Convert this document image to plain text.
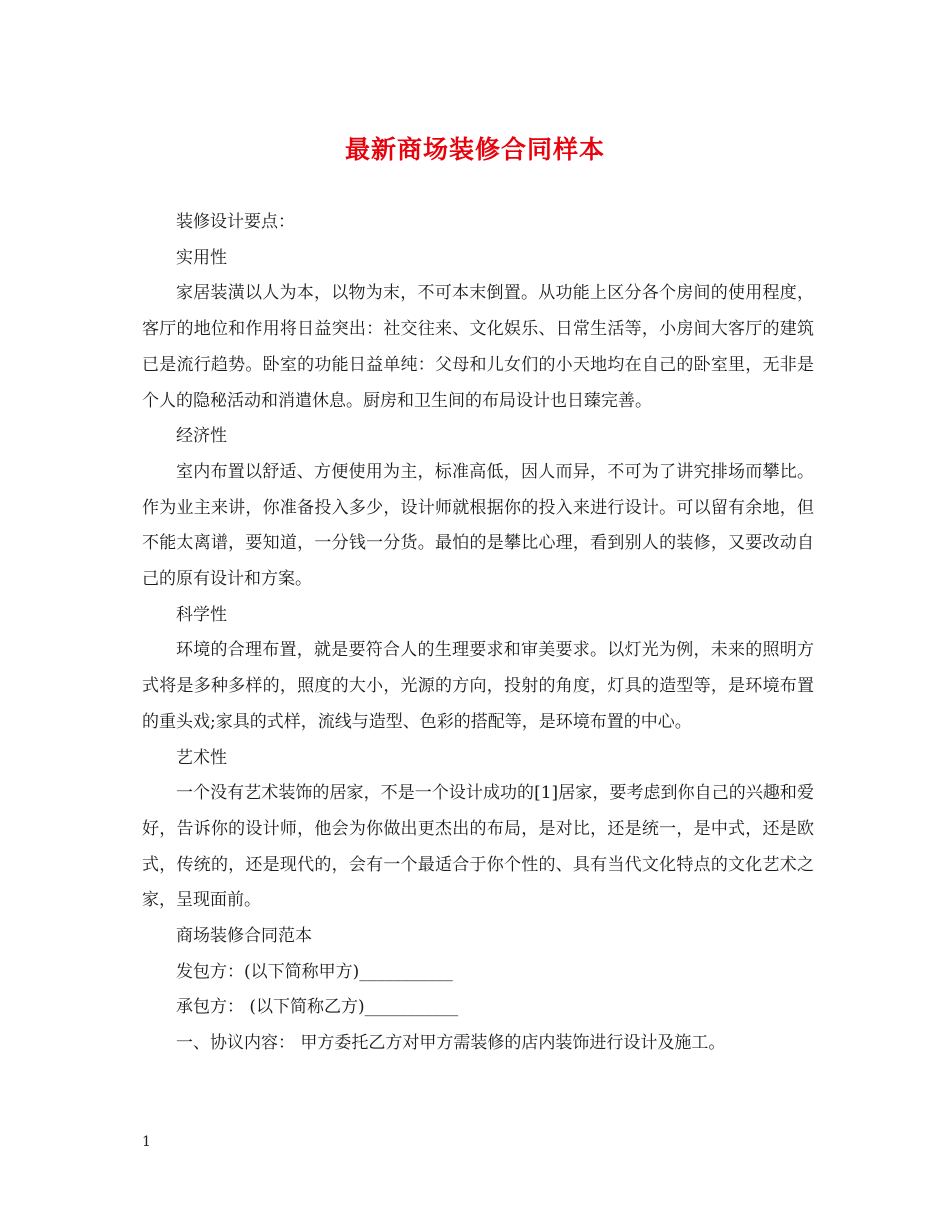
最新商场装修合同样本

装修设计要点：

实用性

家居装潢以人为本，以物为末，不可本末倒置。从功能上区分各个房间的使用程度，客厅的地位和作用将日益突出：社交往来、文化娱乐、日常生活等，小房间大客厅的建筑已是流行趋势。卧室的功能日益单纯：父母和儿女们的小天地均在自己的卧室里，无非是个人的隐秘活动和消遣休息。厨房和卫生间的布局设计也日臻完善。

经济性

室内布置以舒适、方便使用为主，标准高低，因人而异，不可为了讲究排场而攀比。作为业主来讲，你准备投入多少，设计师就根据你的投入来进行设计。可以留有余地，但不能太离谱，要知道，一分钱一分货。最怕的是攀比心理，看到别人的装修，又要改动自己的原有设计和方案。

科学性

环境的合理布置，就是要符合人的生理要求和审美要求。以灯光为例，未来的照明方式将是多种多样的，照度的大小，光源的方向，投射的角度，灯具的造型等，是环境布置的重头戏;家具的式样，流线与造型、色彩的搭配等，是环境布置的中心。

艺术性

一个没有艺术装饰的居家，不是一个设计成功的[1]居家，要考虑到你自己的兴趣和爱好，告诉你的设计师，他会为你做出更杰出的布局，是对比，还是统一，是中式，还是欧式，传统的，还是现代的，会有一个最适合于你个性的、具有当代文化特点的文化艺术之家，呈现面前。

商场装修合同范本

发包方：(以下简称甲方)___________

承包方： (以下简称乙方)___________

一、协议内容： 甲方委托乙方对甲方需装修的店内装饰进行设计及施工。

1
